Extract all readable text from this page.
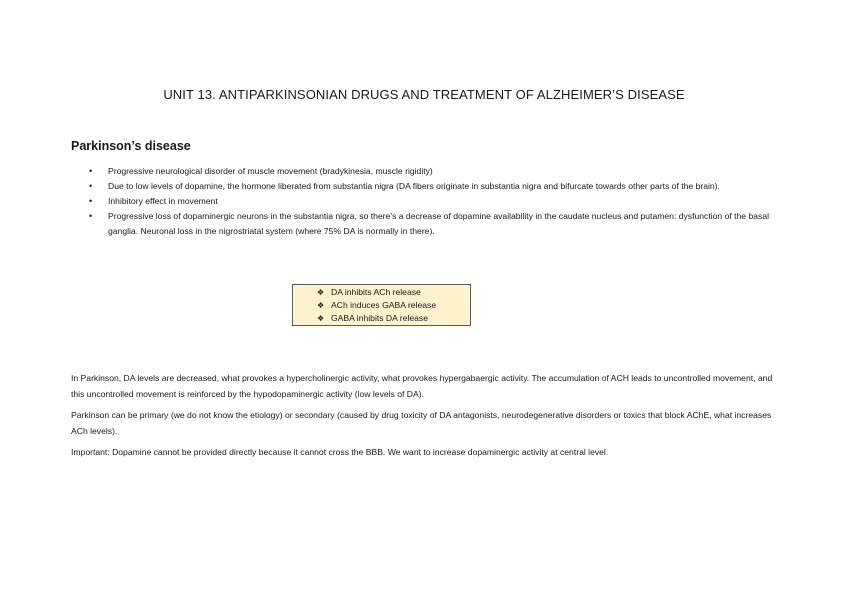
UNIT 13. ANTIPARKINSONIAN DRUGS AND TREATMENT OF ALZHEIMER’S DISEASE
Parkinson’s disease
• Progressive neurological disorder of muscle movement (bradykinesia, muscle rigidity)
• Due to low levels of dopamine, the hormone liberated from substantia nigra (DA fibers originate in substantia nigra and bifurcate towards other parts of the brain).
• Inhibitory effect in movement
• Progressive loss of dopaminergic neurons in the substantia nigra, so there’s a decrease of dopamine availability in the caudate nucleus and putamen: dysfunction of the basal ganglia. Neuronal loss in the nigrostriatal system (where 75% DA is normally in there).
❖ DA inhibits ACh release
❖ ACh induces GABA release
❖ GABA inhibits DA release

In Parkinson, DA levels are decreased, what provokes a hypercholinergic activity, what provokes hypergabaergic activity. The accumulation of ACH leads to uncontrolled movement, and this uncontrolled movement is reinforced by the hypodopaminergic activity (low levels of DA).

Parkinson can be primary (we do not know the etiology) or secondary (caused by drug toxicity of DA antagonists, neurodegenerative disorders or toxics that block AChE, what increases ACh levels).

Important: Dopamine cannot be provided directly because it cannot cross the BBB. We want to increase dopaminergic activity at central level.
